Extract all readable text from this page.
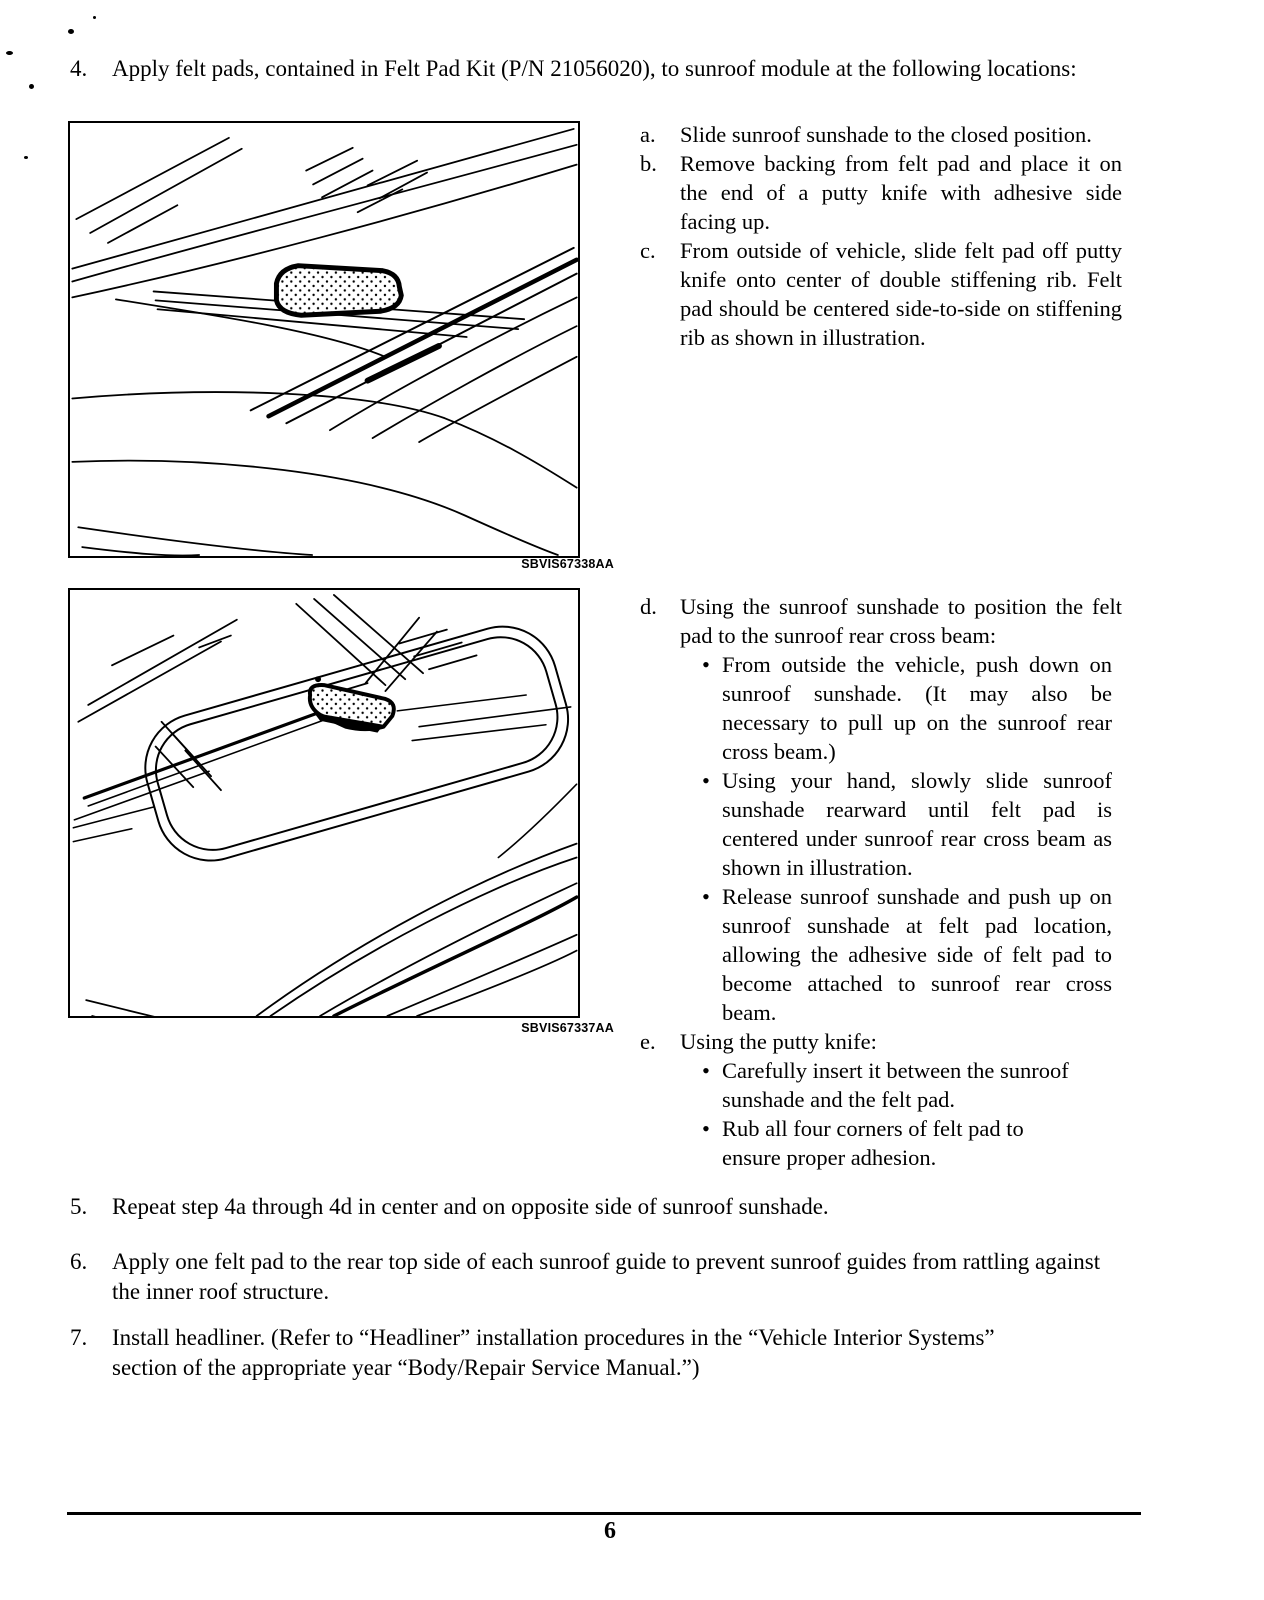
4.	Apply felt pads, contained in Felt Pad Kit (P/N 21056020), to sunroof module at the following locations:
SBVIS67338AA
SBVIS67337AA
a.	Slide sunroof sunshade to the closed position.
b.	Remove backing from felt pad and place it on the end of a putty knife with adhesive side facing up.
c.	From outside of vehicle, slide felt pad off putty knife onto center of double stiffening rib. Felt pad should be centered side-to-side on stiffening rib as shown in illustration.
d.	Using the sunroof sunshade to position the felt pad to the sunroof rear cross beam:
• From outside the vehicle, push down on sunroof sunshade. (It may also be necessary to pull up on the sunroof rear cross beam.)
• Using your hand, slowly slide sunroof sunshade rearward until felt pad is centered under sunroof rear cross beam as shown in illustration.
• Release sunroof sunshade and push up on sunroof sunshade at felt pad location, allowing the adhesive side of felt pad to become attached to sunroof rear cross beam.
e.	Using the putty knife:
• Carefully insert it between the sunroof sunshade and the felt pad.
• Rub all four corners of felt pad to ensure proper adhesion.
5.	Repeat step 4a through 4d in center and on opposite side of sunroof sunshade.
6.	Apply one felt pad to the rear top side of each sunroof guide to prevent sunroof guides from rattling against the inner roof structure.
7.	Install headliner. (Refer to “Headliner” installation procedures in the “Vehicle Interior Systems” section of the appropriate year “Body/Repair Service Manual.”)
6
